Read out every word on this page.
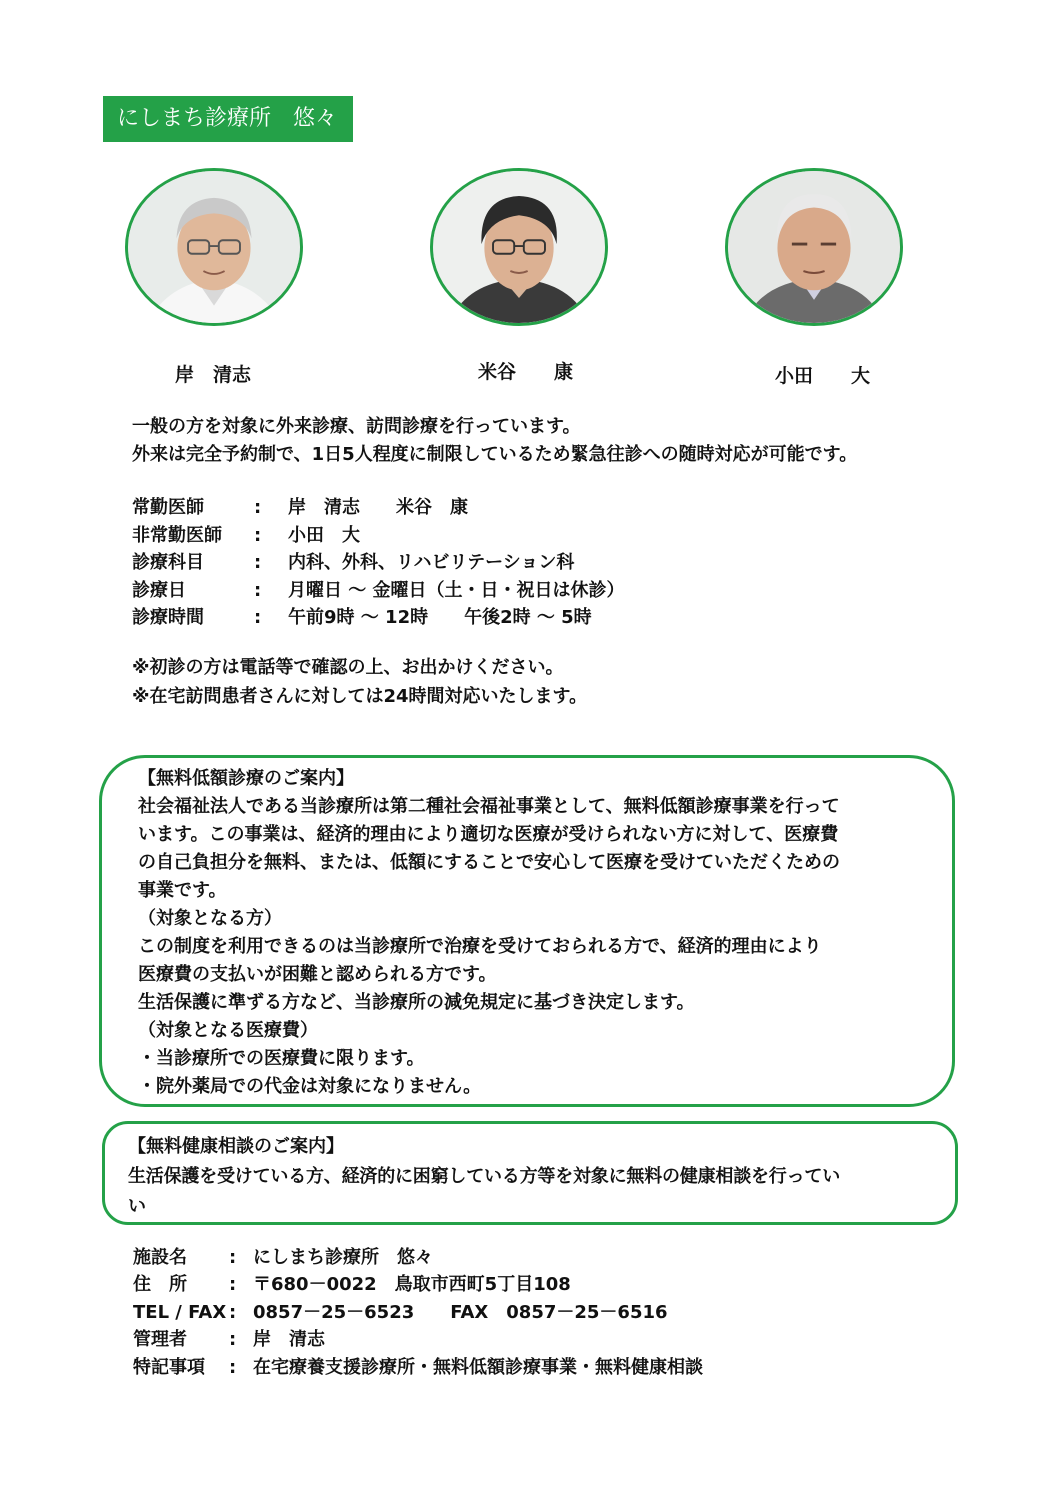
にしまち診療所　悠々
岸　清志	米谷　　康	小田　　大
一般の方を対象に外来診療、訪問診療を行っています。
外来は完全予約制で、1日5人程度に制限しているため緊急往診への随時対応が可能です。
常勤医師	: 岸　清志　　米谷　康
非常勤医師 : 小田　大
診療科目	: 内科、外科、リハビリテーション科
診療日	: 月曜日 ～ 金曜日（土・日・祝日は休診）
診療時間	: 午前9時 ～ 12時　　午後2時 ～ 5時
※初診の方は電話等で確認の上、お出かけください。
※在宅訪問患者さんに対しては24時間対応いたします。
【無料低額診療のご案内】
社会福祉法人である当診療所は第二種社会福祉事業として、無料低額診療事業を行って
います。この事業は、経済的理由により適切な医療が受けられない方に対して、医療費
の自己負担分を無料、または、低額にすることで安心して医療を受けていただくための
事業です。
（対象となる方）
この制度を利用できるのは当診療所で治療を受けておられる方で、経済的理由により
医療費の支払いが困難と認められる方です。
生活保護に準ずる方など、当診療所の減免規定に基づき決定します。
（対象となる医療費）
・当診療所での医療費に限ります。
・院外薬局での代金は対象になりません。
【無料健康相談のご案内】
生活保護を受けている方、経済的に困窮している方等を対象に無料の健康相談を行ってい
い
施設名 : にしまち診療所　悠々
住　所 : 〒680－0022　鳥取市西町5丁目108
TEL / FAX : 0857－25－6523　　FAX　0857－25－6516
管理者 : 岸　清志
特記事項 : 在宅療養支援診療所・無料低額診療事業・無料健康相談
